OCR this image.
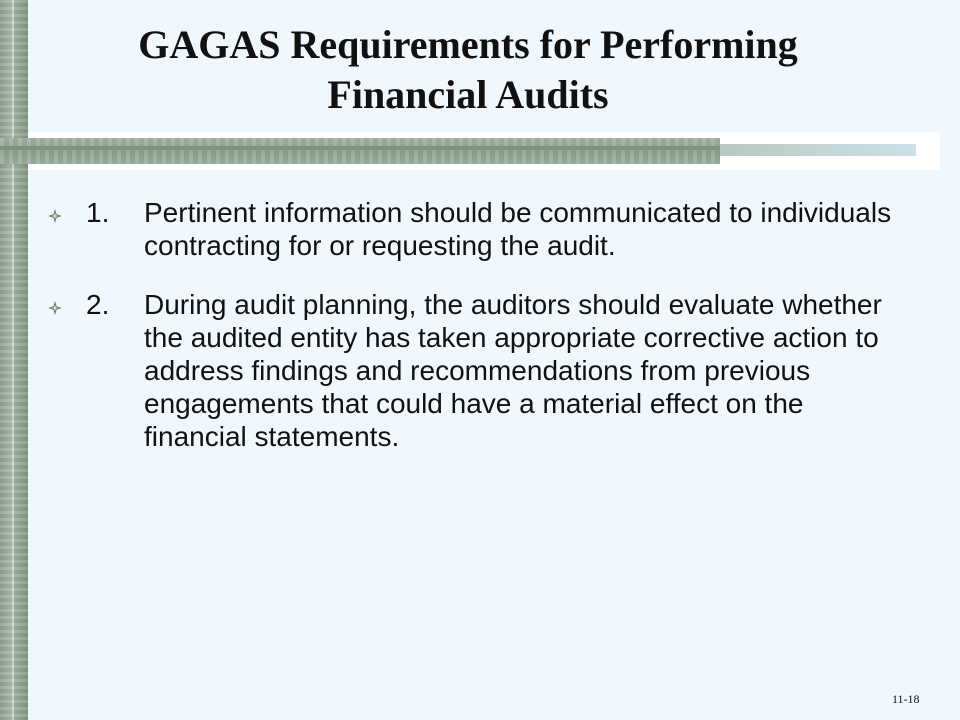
GAGAS Requirements for Performing
Financial Audits
1. Pertinent information should be communicated to individuals contracting for or requesting the audit.
2. During audit planning, the auditors should evaluate whether the audited entity has taken appropriate corrective action to address findings and recommendations from previous engagements that could have a material effect on the financial statements.
11-18
